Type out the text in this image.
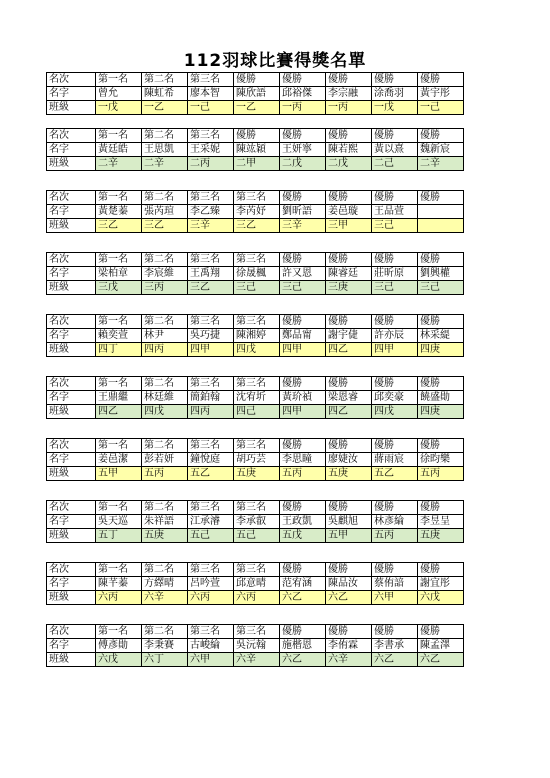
112羽球比賽得獎名單
名次	第一名	第二名	第三名	優勝	優勝	優勝	優勝	優勝
名字	曾允	陳虹希	廖本智	陳欣語	邱裕傑	李宗融	涂喬羽	黃宇彤
班級	一戊	一乙	一己	一乙	一丙	一丙	一戊	一己
名次	第一名	第二名	第三名	優勝	優勝	優勝	優勝	優勝
名字	黃廷皓	王思凱	王采妮	陳竑穎	王妍寧	陳若熙	黃以熹	魏新宸
班級	二辛	二辛	二丙	二甲	二戊	二戊	二己	二辛
名次	第一名	第二名	第三名	第三名	優勝	優勝	優勝	優勝
名字	黃楚蓁	張芮瑄	李乙臻	李芮妤	劉昕語	姜邑璇	王品萱	
班級	三乙	三乙	三辛	三乙	三辛	三甲	三己	
名次	第一名	第二名	第三名	第三名	優勝	優勝	優勝	優勝
名字	梁柏章	李宸維	王禹翔	徐晟楓	許又恩	陳睿廷	莊昕原	劉興權
班級	三戊	三丙	三乙	三己	三己	三庚	三己	三己
名次	第一名	第二名	第三名	第三名	優勝	優勝	優勝	優勝
名字	賴奕萱	林尹	吳巧捷	陳湘婷	鄭品甯	謝宇倢	許亦辰	林采緹
班級	四丁	四丙	四甲	四戊	四甲	四乙	四甲	四庚
名次	第一名	第二名	第三名	第三名	優勝	優勝	優勝	優勝
名字	王鼎繼	林廷維	簡鉑翰	沈宥圻	黃玠禎	梁恩睿	邱奕豪	饒盛勛
班級	四乙	四戊	四丙	四己	四甲	四乙	四戊	四庚
名次	第一名	第二名	第三名	第三名	優勝	優勝	優勝	優勝
名字	姜邑潔	彭若妍	鐘悅庭	胡巧芸	李思瞳	廖婕汝	蔣雨宸	徐昀樂
班級	五甲	五丙	五乙	五庚	五丙	五庚	五乙	五丙
名次	第一名	第二名	第三名	第三名	優勝	優勝	優勝	優勝
名字	吳天巡	朱祥語	江承濬	李承叡	王政凱	吳麒旭	林彥綸	李昱呈
班級	五丁	五庚	五己	五己	五戊	五甲	五丙	五庚
名次	第一名	第二名	第三名	第三名	優勝	優勝	優勝	優勝
名字	陳芊蓁	方繹晴	呂吟萱	邱意晴	范宥涵	陳品汝	蔡侑諳	謝宜彤
班級	六丙	六辛	六丙	六丙	六乙	六乙	六甲	六戊
名次	第一名	第二名	第三名	第三名	優勝	優勝	優勝	優勝
名字	傅彥勛	李秉賽	古峻綸	吳沅翰	施楷恩	李侑霖	李書承	陳孟澤
班級	六戊	六丁	六甲	六辛	六乙	六辛	六乙	六乙
